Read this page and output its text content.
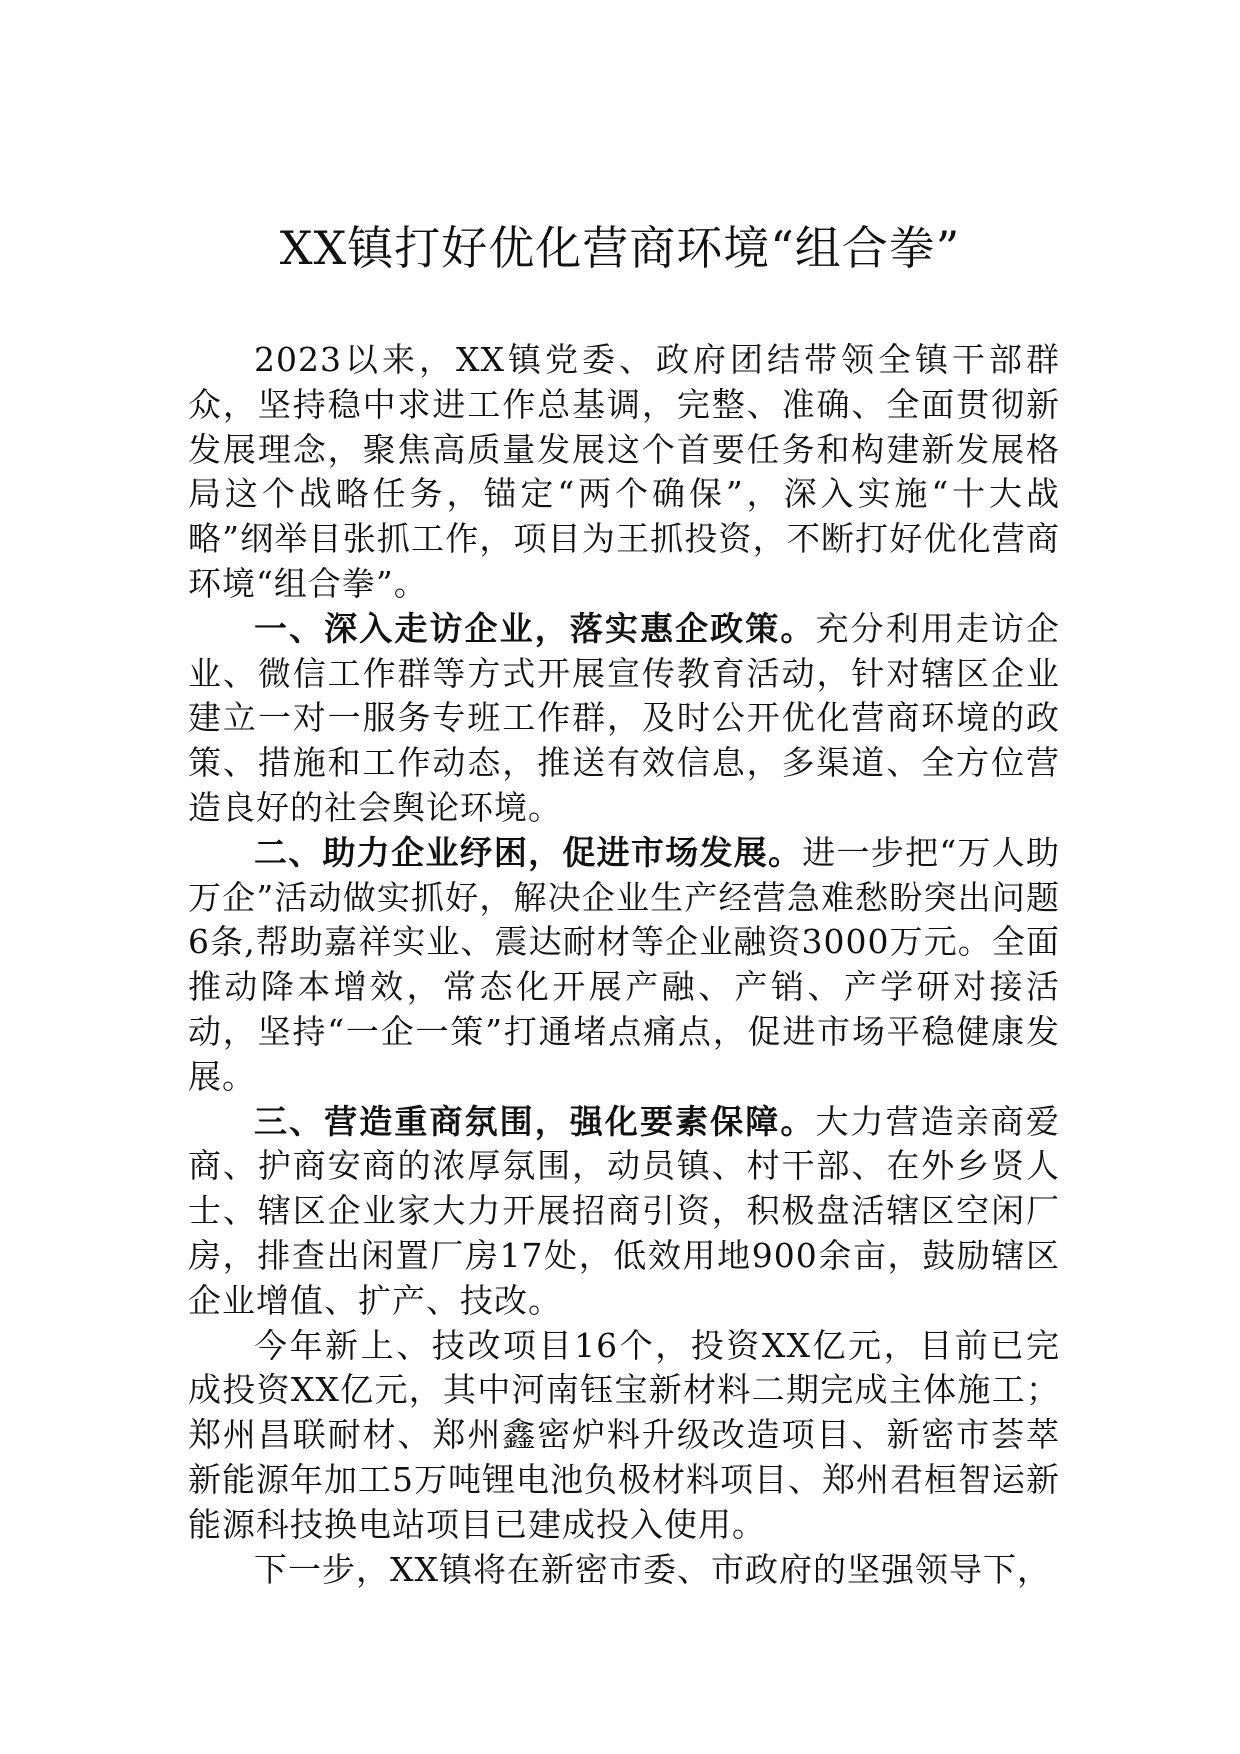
XX镇打好优化营商环境“组合拳”

2023以来，XX镇党委、政府团结带领全镇干部群众，坚持稳中求进工作总基调，完整、准确、全面贯彻新发展理念，聚焦高质量发展这个首要任务和构建新发展格局这个战略任务，锚定“两个确保”，深入实施“十大战略”纲举目张抓工作，项目为王抓投资，不断打好优化营商环境“组合拳”。

一、深入走访企业，落实惠企政策。充分利用走访企业、微信工作群等方式开展宣传教育活动，针对辖区企业建立一对一服务专班工作群，及时公开优化营商环境的政策、措施和工作动态，推送有效信息，多渠道、全方位营造良好的社会舆论环境。

二、助力企业纾困，促进市场发展。进一步把“万人助万企”活动做实抓好，解决企业生产经营急难愁盼突出问题6条,帮助嘉祥实业、震达耐材等企业融资3000万元。全面推动降本增效，常态化开展产融、产销、产学研对接活动，坚持“一企一策”打通堵点痛点，促进市场平稳健康发展。

三、营造重商氛围，强化要素保障。大力营造亲商爱商、护商安商的浓厚氛围，动员镇、村干部、在外乡贤人士、辖区企业家大力开展招商引资，积极盘活辖区空闲厂房，排查出闲置厂房17处，低效用地900余亩，鼓励辖区企业增值、扩产、技改。

今年新上、技改项目16个，投资XX亿元，目前已完成投资XX亿元，其中河南钰宝新材料二期完成主体施工；郑州昌联耐材、郑州鑫密炉料升级改造项目、新密市荟萃新能源年加工5万吨锂电池负极材料项目、郑州君桓智运新能源科技换电站项目已建成投入使用。

下一步，XX镇将在新密市委、市政府的坚强领导下，
